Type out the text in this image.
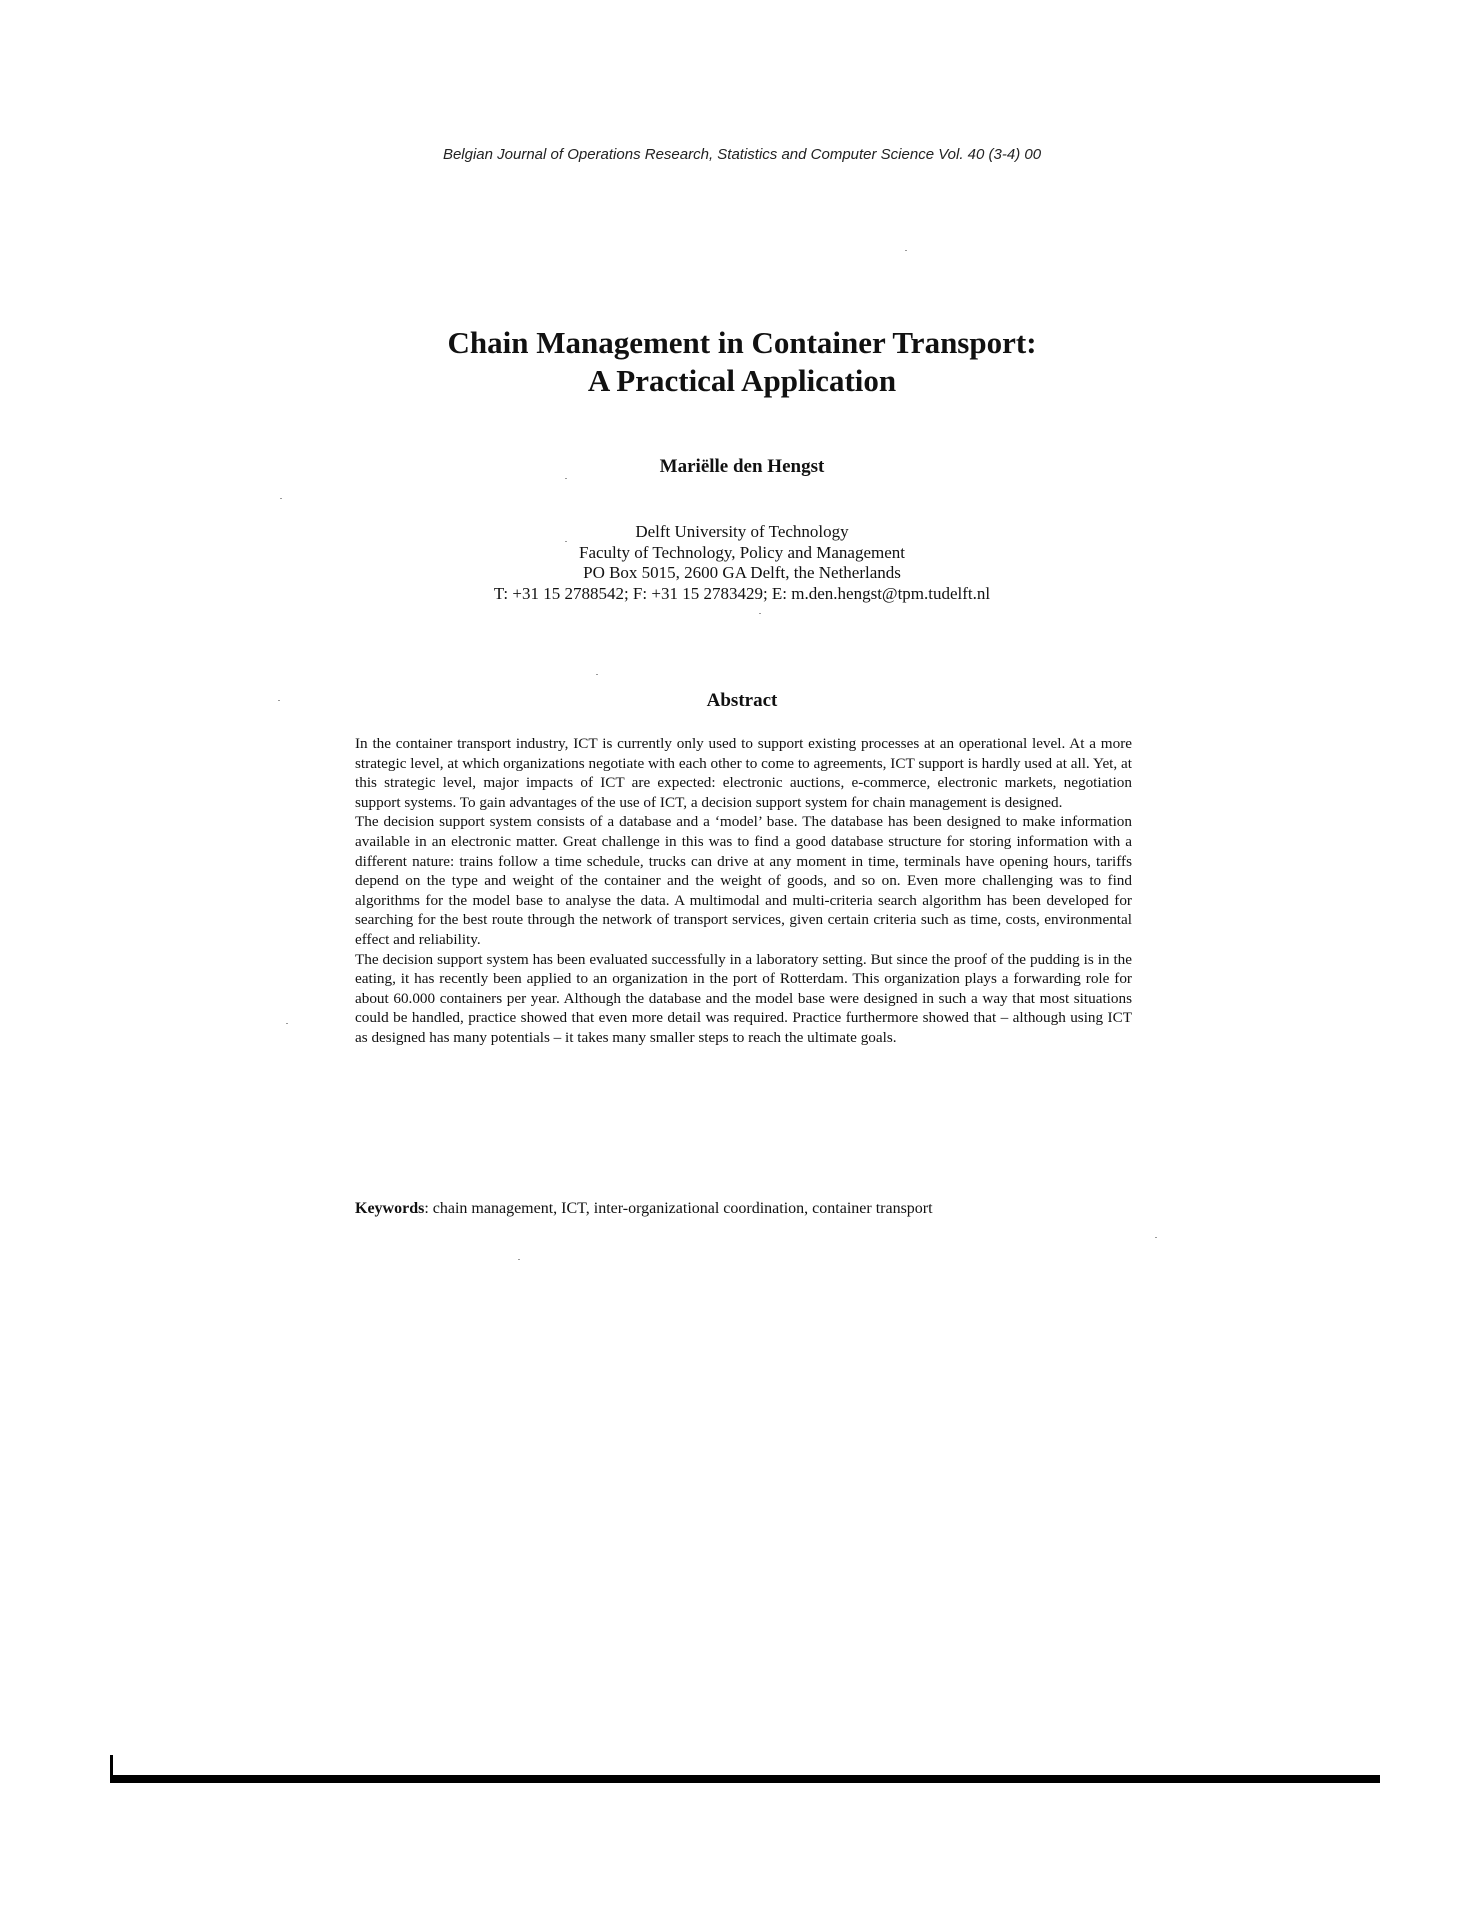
Belgian Journal of Operations Research, Statistics and Computer Science Vol. 40 (3-4) 00
Chain Management in Container Transport:
A Practical Application
Mariëlle den Hengst
Delft University of Technology
Faculty of Technology, Policy and Management
PO Box 5015, 2600 GA Delft, the Netherlands
T: +31 15 2788542; F: +31 15 2783429; E: m.den.hengst@tpm.tudelft.nl
Abstract

In the container transport industry, ICT is currently only used to support existing processes at an operational level. At a more strategic level, at which organizations negotiate with each other to come to agreements, ICT support is hardly used at all. Yet, at this strategic level, major impacts of ICT are expected: electronic auctions, e-commerce, electronic markets, negotiation support systems. To gain advantages of the use of ICT, a decision support system for chain management is designed.

The decision support system consists of a database and a ‘model’ base. The database has been designed to make information available in an electronic matter. Great challenge in this was to find a good database structure for storing information with a different nature: trains follow a time schedule, trucks can drive at any moment in time, terminals have opening hours, tariffs depend on the type and weight of the container and the weight of goods, and so on. Even more challenging was to find algorithms for the model base to analyse the data. A multimodal and multi-criteria search algorithm has been developed for searching for the best route through the network of transport services, given certain criteria such as time, costs, environmental effect and reliability.

The decision support system has been evaluated successfully in a laboratory setting. But since the proof of the pudding is in the eating, it has recently been applied to an organization in the port of Rotterdam. This organization plays a forwarding role for about 60.000 containers per year. Although the database and the model base were designed in such a way that most situations could be handled, practice showed that even more detail was required. Practice furthermore showed that – although using ICT as designed has many potentials – it takes many smaller steps to reach the ultimate goals.

Keywords: chain management, ICT, inter-organizational coordination, container transport
